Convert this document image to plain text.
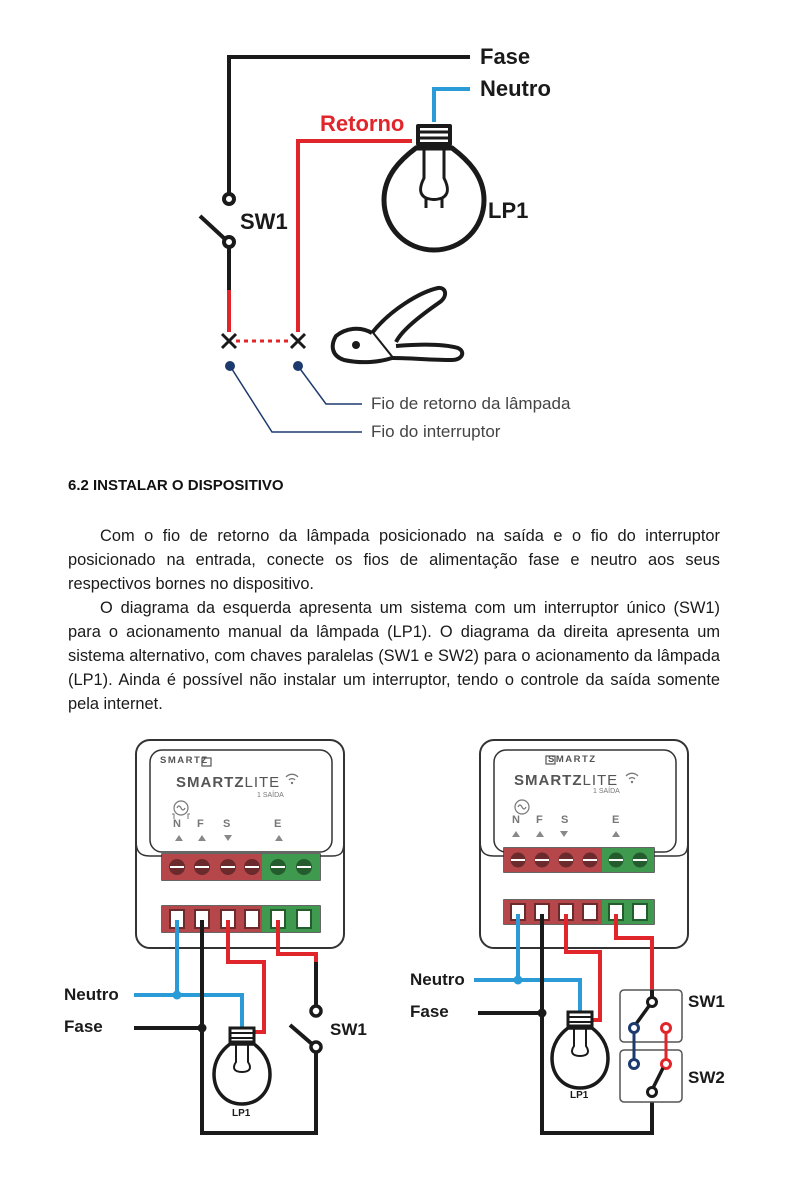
Fase
Neutro
Retorno
LP1
SW1
Fio de retorno da lâmpada
Fio do interruptor
6.2 INSTALAR O DISPOSITIVO

Com o fio de retorno da lâmpada posicionado na saída e o fio do interruptor posicionado na entrada, conecte os fios de alimentação fase e neutro aos seus respectivos bornes no dispositivo.

O diagrama da esquerda apresenta um sistema com um interruptor único (SW1) para o acionamento manual da lâmpada (LP1). O diagrama da direita apresenta um sistema alternativo, com chaves paralelas (SW1 e SW2) para o acionamento da lâmpada (LP1). Ainda é possível não instalar um interruptor, tendo o controle da saída somente pela internet.

SMARTZ
SMARTZLITE
1 SAÍDA
N F S	E
Neutro
Fase	SW1
LP1
SMARTZ
SMARTZLITE
1 SAÍDA
N F S	E
Neutro
Fase
SW1
SW2
LP1
